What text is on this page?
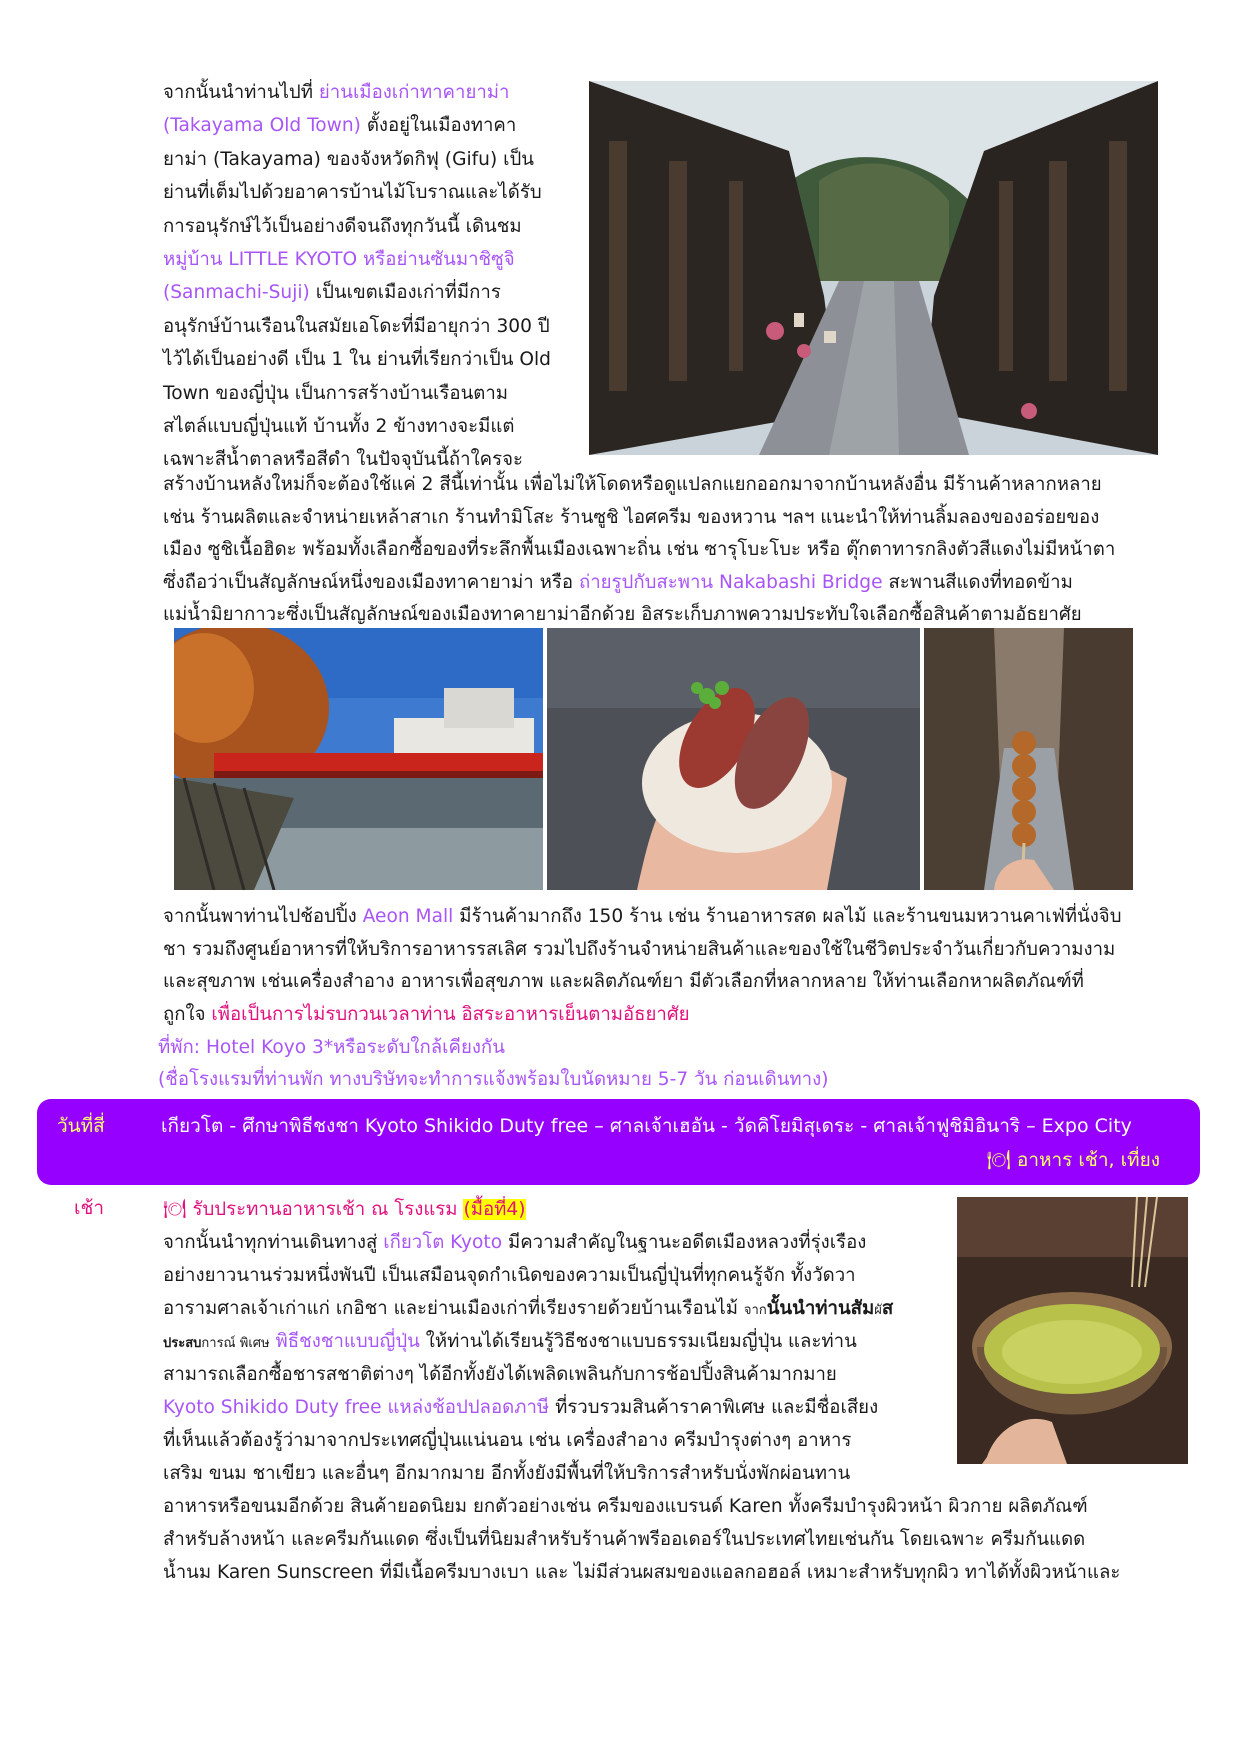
จากนั้นนำท่านไปที่ ย่านเมืองเก่าทาคายาม่า
(Takayama Old Town) ตั้งอยู่ในเมืองทาคา
ยาม่า (Takayama) ของจังหวัดกิฟุ (Gifu) เป็น
ย่านที่เต็มไปด้วยอาคารบ้านไม้โบราณและได้รับ
การอนุรักษ์ไว้เป็นอย่างดีจนถึงทุกวันนี้ เดินชม
หมู่บ้าน LITTLE KYOTO หรือย่านซันมาชิซูจิ
(Sanmachi-Suji) เป็นเขตเมืองเก่าที่มีการ
อนุรักษ์บ้านเรือนในสมัยเอโดะที่มีอายุกว่า 300 ปี
ไว้ได้เป็นอย่างดี เป็น 1 ใน ย่านที่เรียกว่าเป็น Old
Town ของญี่ปุ่น เป็นการสร้างบ้านเรือนตาม
สไตล์แบบญี่ปุ่นแท้ บ้านทั้ง 2 ข้างทางจะมีแต่
เฉพาะสีน้ำตาลหรือสีดำ ในปัจจุบันนี้ถ้าใครจะ
สร้างบ้านหลังใหม่ก็จะต้องใช้แค่ 2 สีนี้เท่านั้น เพื่อไม่ให้โดดหรือดูแปลกแยกออกมาจากบ้านหลังอื่น มีร้านค้าหลากหลาย
เช่น ร้านผลิตและจำหน่ายเหล้าสาเก ร้านทำมิโสะ ร้านซูชิ ไอศครีม ของหวาน ฯลฯ แนะนำให้ท่านลิ้มลองของอร่อยของ
เมือง ซูชิเนื้อฮิดะ พร้อมทั้งเลือกซื้อของที่ระลึกพื้นเมืองเฉพาะถิ่น เช่น ซารุโบะโบะ หรือ ตุ๊กตาทารกลิงตัวสีแดงไม่มีหน้าตา
ซึ่งถือว่าเป็นสัญลักษณ์หนึ่งของเมืองทาคายาม่า หรือ ถ่ายรูปกับสะพาน Nakabashi Bridge สะพานสีแดงที่ทอดข้าม
แม่น้ำมิยากาวะซึ่งเป็นสัญลักษณ์ของเมืองทาคายาม่าอีกด้วย อิสระเก็บภาพความประทับใจเลือกซื้อสินค้าตามอัธยาศัย
จากนั้นพาท่านไปช้อปปิ้ง Aeon Mall มีร้านค้ามากถึง 150 ร้าน เช่น ร้านอาหารสด ผลไม้ และร้านขนมหวานคาเฟ่ที่นั่งจิบ
ชา รวมถึงศูนย์อาหารที่ให้บริการอาหารรสเลิศ รวมไปถึงร้านจำหน่ายสินค้าและของใช้ในชีวิตประจำวันเกี่ยวกับความงาม
และสุขภาพ เช่นเครื่องสำอาง อาหารเพื่อสุขภาพ และผลิตภัณฑ์ยา มีตัวเลือกที่หลากหลาย ให้ท่านเลือกหาผลิตภัณฑ์ที่
ถูกใจ เพื่อเป็นการไม่รบกวนเวลาท่าน อิสระอาหารเย็นตามอัธยาศัย
ที่พัก: Hotel Koyo 3*หรือระดับใกล้เคียงกัน
(ชื่อโรงแรมที่ท่านพัก ทางบริษัทจะทำการแจ้งพร้อมใบนัดหมาย 5-7 วัน ก่อนเดินทาง)
วันที่สี่	เกียวโต - ศึกษาพิธีชงชา Kyoto Shikido Duty free – ศาลเจ้าเฮอัน - วัดคิโยมิสุเดระ - ศาลเจ้าฟูชิมิอินาริ – Expo City
🍽 อาหาร เช้า, เที่ยง
เช้า	🍽 รับประทานอาหารเช้า ณ โรงแรม (มื้อที่4)
จากนั้นนำทุกท่านเดินทางสู่ เกียวโต Kyoto มีความสำคัญในฐานะอดีตเมืองหลวงที่รุ่งเรือง
อย่างยาวนานร่วมหนึ่งพันปี เป็นเสมือนจุดกำเนิดของความเป็นญี่ปุ่นที่ทุกคนรู้จัก ทั้งวัดวา
อารามศาลเจ้าเก่าแก่ เกอิชา และย่านเมืองเก่าที่เรียงรายด้วยบ้านเรือนไม้ จากนั้นนำท่านสัมผัส
ประสบการณ์ พิเศษ พิธีชงชาแบบญี่ปุ่น ให้ท่านได้เรียนรู้วิธีชงชาแบบธรรมเนียมญี่ปุ่น และท่าน
สามารถเลือกซื้อชารสชาติต่างๆ ได้อีกทั้งยังได้เพลิดเพลินกับการช้อปปิ้งสินค้ามากมาย
Kyoto Shikido Duty free แหล่งช้อปปลอดภาษี ที่รวบรวมสินค้าราคาพิเศษ และมีชื่อเสียง
ที่เห็นแล้วต้องรู้ว่ามาจากประเทศญี่ปุ่นแน่นอน เช่น เครื่องสำอาง ครีมบำรุงต่างๆ อาหาร
เสริม ขนม ชาเขียว และอื่นๆ อีกมากมาย อีกทั้งยังมีพื้นที่ให้บริการสำหรับนั่งพักผ่อนทาน
อาหารหรือขนมอีกด้วย สินค้ายอดนิยม ยกตัวอย่างเช่น ครีมของแบรนด์ Karen ทั้งครีมบำรุงผิวหน้า ผิวกาย ผลิตภัณฑ์
สำหรับล้างหน้า และครีมกันแดด ซึ่งเป็นที่นิยมสำหรับร้านค้าพรีออเดอร์ในประเทศไทยเช่นกัน โดยเฉพาะ ครีมกันแดด
น้ำนม Karen Sunscreen ที่มีเนื้อครีมบางเบา และ ไม่มีส่วนผสมของแอลกอฮอล์ เหมาะสำหรับทุกผิว ทาได้ทั้งผิวหน้าและ
